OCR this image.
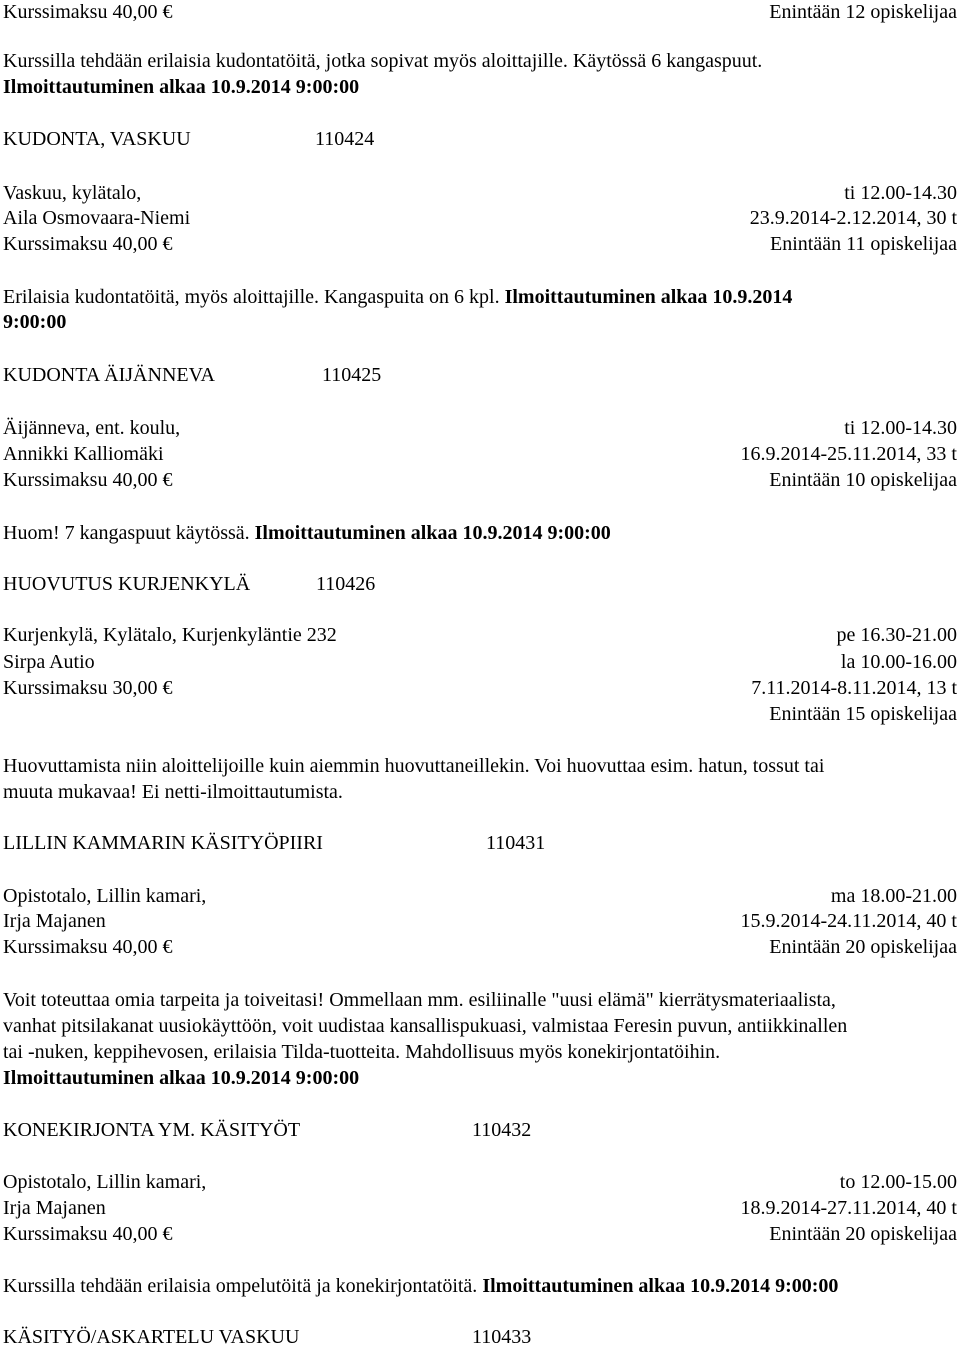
Kurssimaksu 40,00 €	Enintään 12 opiskelijaa
Kurssilla tehdään erilaisia kudontatöitä, jotka sopivat myös aloittajille. Käytössä 6 kangaspuut.
Ilmoittautuminen alkaa 10.9.2014 9:00:00
KUDONTA, VASKUU	110424
Vaskuu, kylätalo,	ti 12.00-14.30
Aila Osmovaara-Niemi	23.9.2014-2.12.2014, 30 t
Kurssimaksu 40,00 €	Enintään 11 opiskelijaa
Erilaisia kudontatöitä, myös aloittajille. Kangaspuita on 6 kpl. Ilmoittautuminen alkaa 10.9.2014
9:00:00
KUDONTA ÄIJÄNNEVA	110425
Äijänneva, ent. koulu,	ti 12.00-14.30
Annikki Kalliomäki	16.9.2014-25.11.2014, 33 t
Kurssimaksu 40,00 €	Enintään 10 opiskelijaa
Huom! 7 kangaspuut käytössä. Ilmoittautuminen alkaa 10.9.2014 9:00:00
HUOVUTUS KURJENKYLÄ	110426
Kurjenkylä, Kylätalo, Kurjenkyläntie 232	pe 16.30-21.00
Sirpa Autio	la 10.00-16.00
Kurssimaksu 30,00 €	7.11.2014-8.11.2014, 13 t
Enintään 15 opiskelijaa
Huovuttamista niin aloittelijoille kuin aiemmin huovuttaneillekin. Voi huovuttaa esim. hatun, tossut tai
muuta mukavaa! Ei netti-ilmoittautumista.
LILLIN KAMMARIN KÄSITYÖPIIRI	110431
Opistotalo, Lillin kamari,	ma 18.00-21.00
Irja Majanen	15.9.2014-24.11.2014, 40 t
Kurssimaksu 40,00 €	Enintään 20 opiskelijaa
Voit toteuttaa omia tarpeita ja toiveitasi! Ommellaan mm. esiliinalle "uusi elämä" kierrätysmateriaalista,
vanhat pitsilakanat uusiokäyttöön, voit uudistaa kansallispukuasi, valmistaa Feresin puvun, antiikkinallen
tai -nuken, keppihevosen, erilaisia Tilda-tuotteita. Mahdollisuus myös konekirjontatöihin.
Ilmoittautuminen alkaa 10.9.2014 9:00:00
KONEKIRJONTA YM. KÄSITYÖT	110432
Opistotalo, Lillin kamari,	to 12.00-15.00
Irja Majanen	18.9.2014-27.11.2014, 40 t
Kurssimaksu 40,00 €	Enintään 20 opiskelijaa
Kurssilla tehdään erilaisia ompelutöitä ja konekirjontatöitä. Ilmoittautuminen alkaa 10.9.2014 9:00:00
KÄSITYÖ/ASKARTELU VASKUU	110433
